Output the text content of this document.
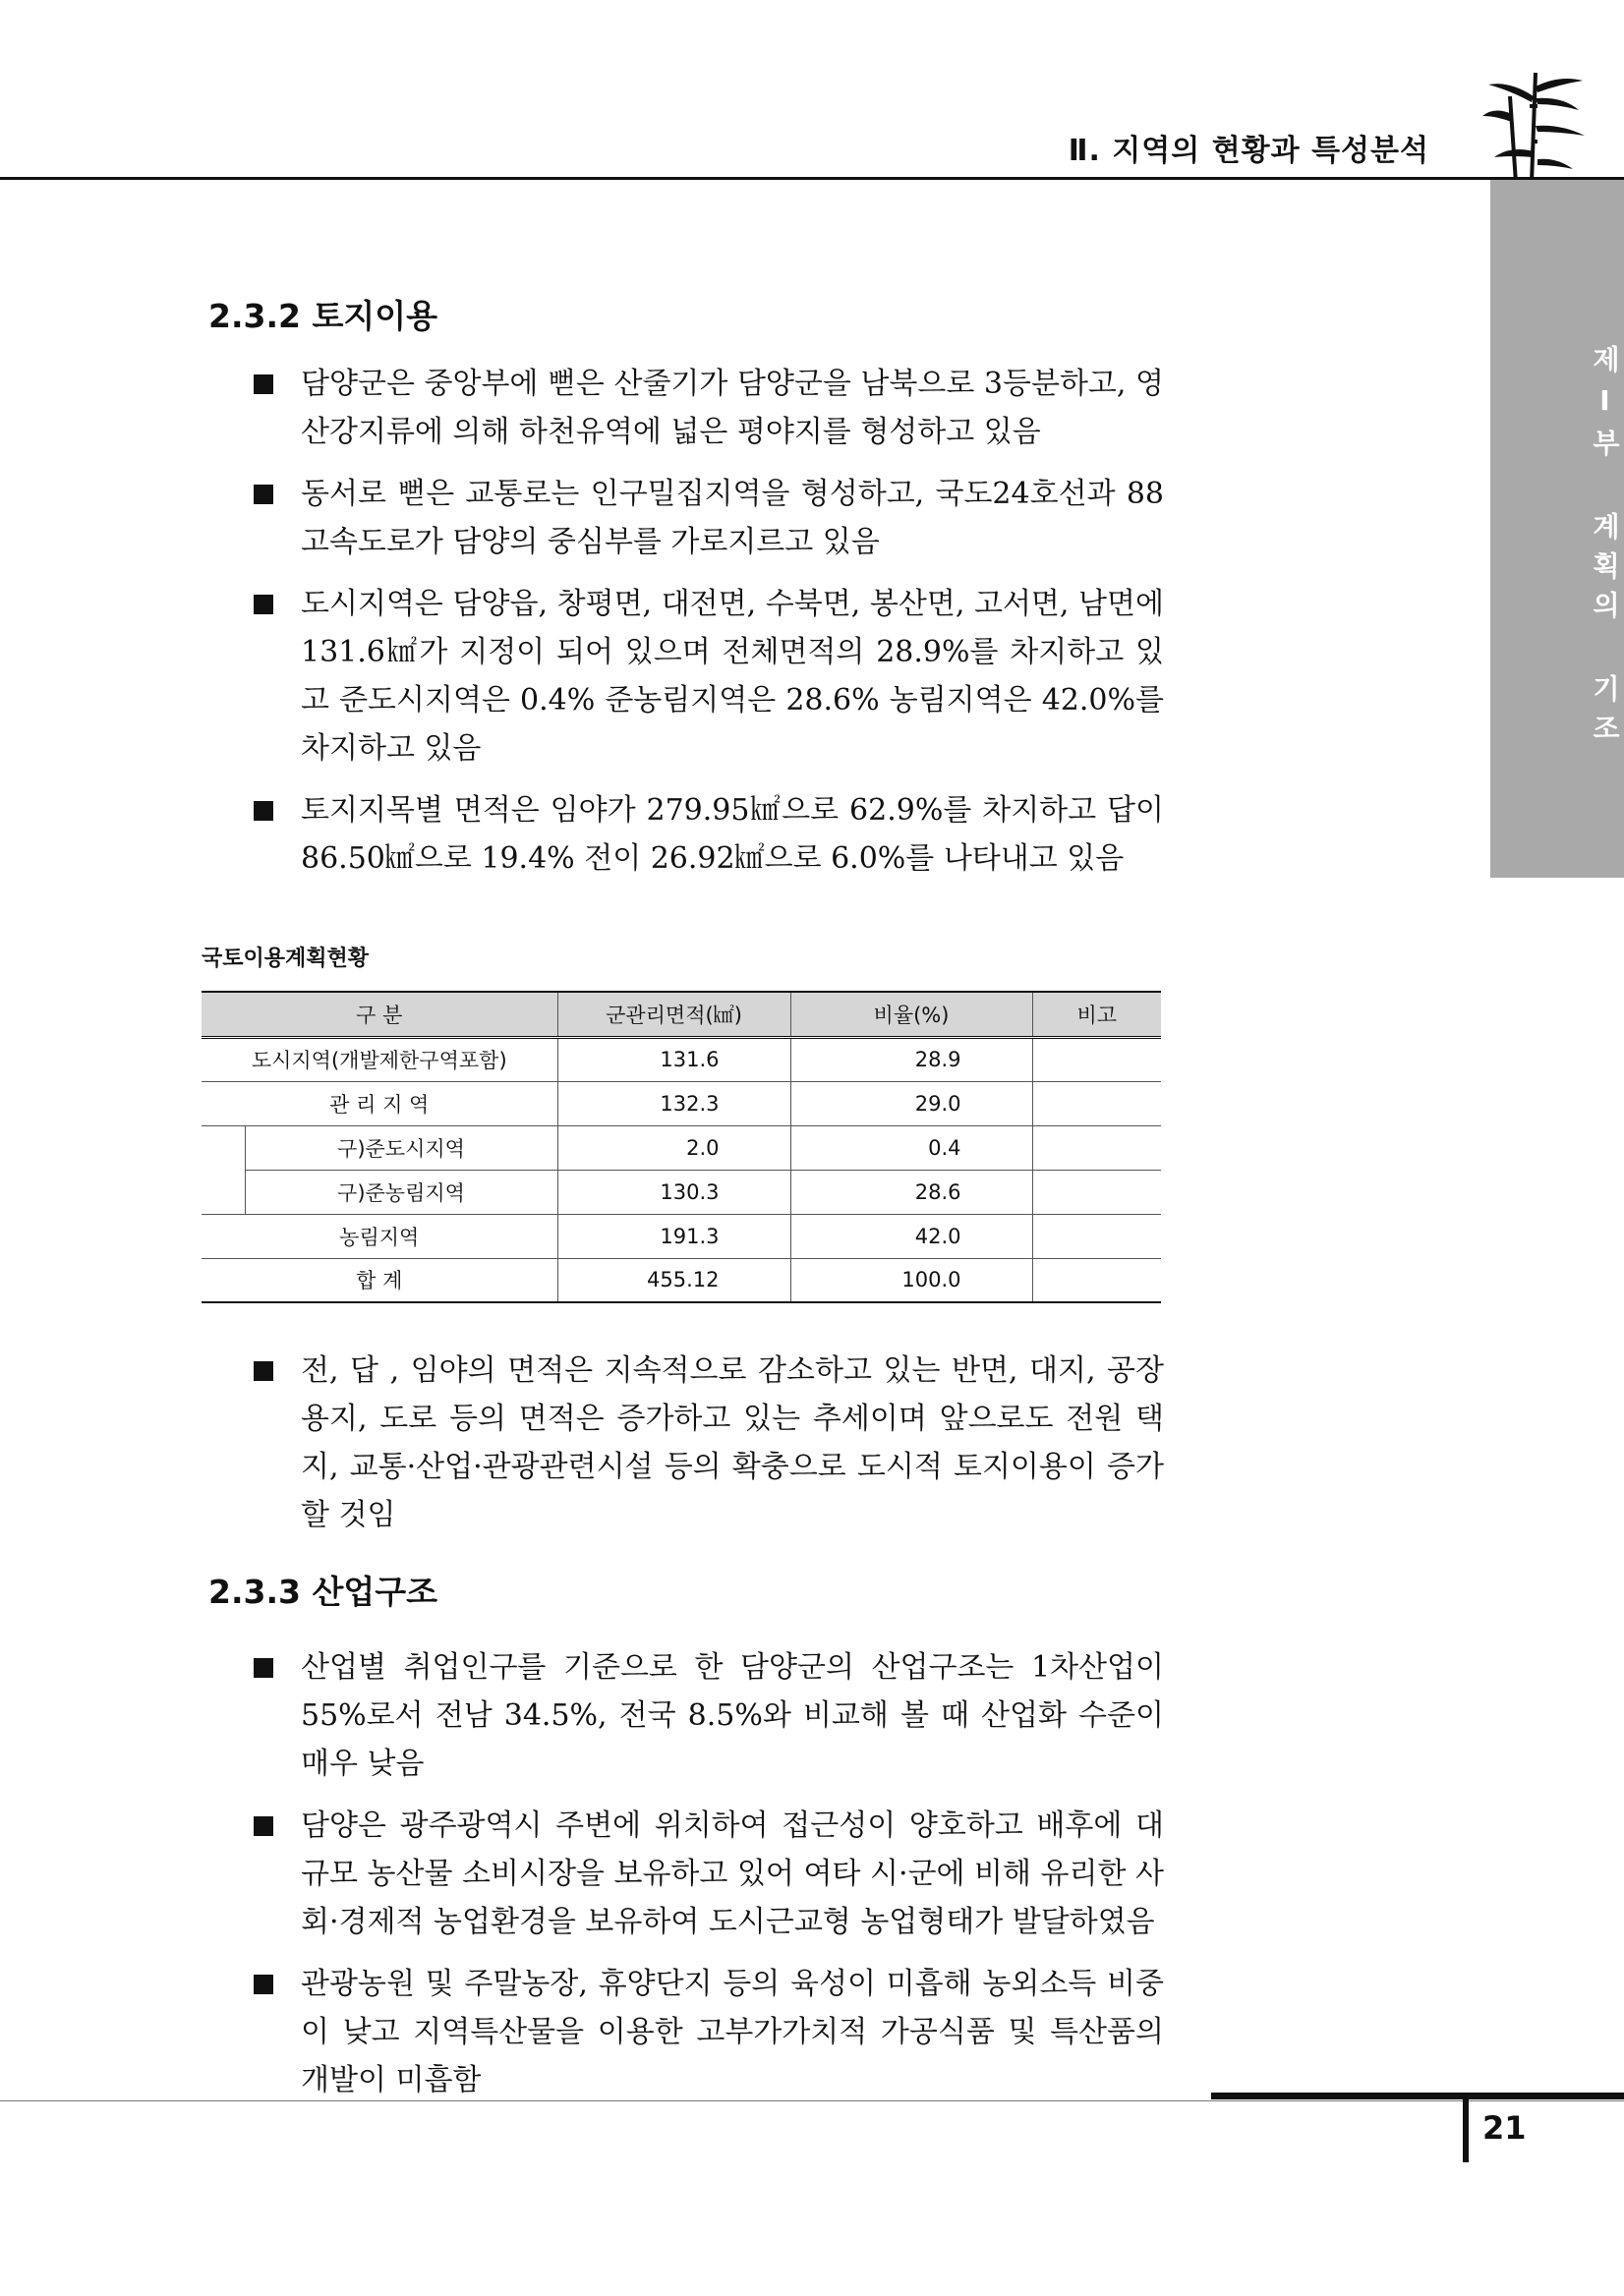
Ⅱ. 지역의 현황과 특성분석
제Ⅰ부 계획의 기조
2.3.2 토지이용
담양군은 중앙부에 뻗은 산줄기가 담양군을 남북으로 3등분하고, 영산강지류에 의해 하천유역에 넓은 평야지를 형성하고 있음
동서로 뻗은 교통로는 인구밀집지역을 형성하고, 국도24호선과 88고속도로가 담양의 중심부를 가로지르고 있음
도시지역은 담양읍, 창평면, 대전면, 수북면, 봉산면, 고서면, 남면에 131.6㎢가 지정이 되어 있으며 전체면적의 28.9%를 차지하고 있고 준도시지역은 0.4% 준농림지역은 28.6% 농림지역은 42.0%를 차지하고 있음
토지지목별 면적은 임야가 279.95㎢으로 62.9%를 차지하고 답이 86.50㎢으로 19.4% 전이 26.92㎢으로 6.0%를 나타내고 있음
국토이용계획현황
구 분		군관리면적(㎢)	비율(%)	비고
도시지역(개발제한구역포함)		131.6	28.9	
관 리 지 역		132.3	29.0	
	구)준도시지역	2.0	0.4	
	구)준농림지역	130.3	28.6	
농림지역		191.3	42.0	
합 계		455.12	100.0	
전, 답 , 임야의 면적은 지속적으로 감소하고 있는 반면, 대지, 공장용지, 도로 등의 면적은 증가하고 있는 추세이며 앞으로도 전원 택지, 교통·산업·관광관련시설 등의 확충으로 도시적 토지이용이 증가할 것임
2.3.3 산업구조
산업별 취업인구를 기준으로 한 담양군의 산업구조는 1차산업이 55%로서 전남 34.5%, 전국 8.5%와 비교해 볼 때 산업화 수준이 매우 낮음
담양은 광주광역시 주변에 위치하여 접근성이 양호하고 배후에 대규모 농산물 소비시장을 보유하고 있어 여타 시·군에 비해 유리한 사회·경제적 농업환경을 보유하여 도시근교형 농업형태가 발달하였음
관광농원 및 주말농장, 휴양단지 등의 육성이 미흡해 농외소득 비중이 낮고 지역특산물을 이용한 고부가가치적 가공식품 및 특산품의 개발이 미흡함
21
